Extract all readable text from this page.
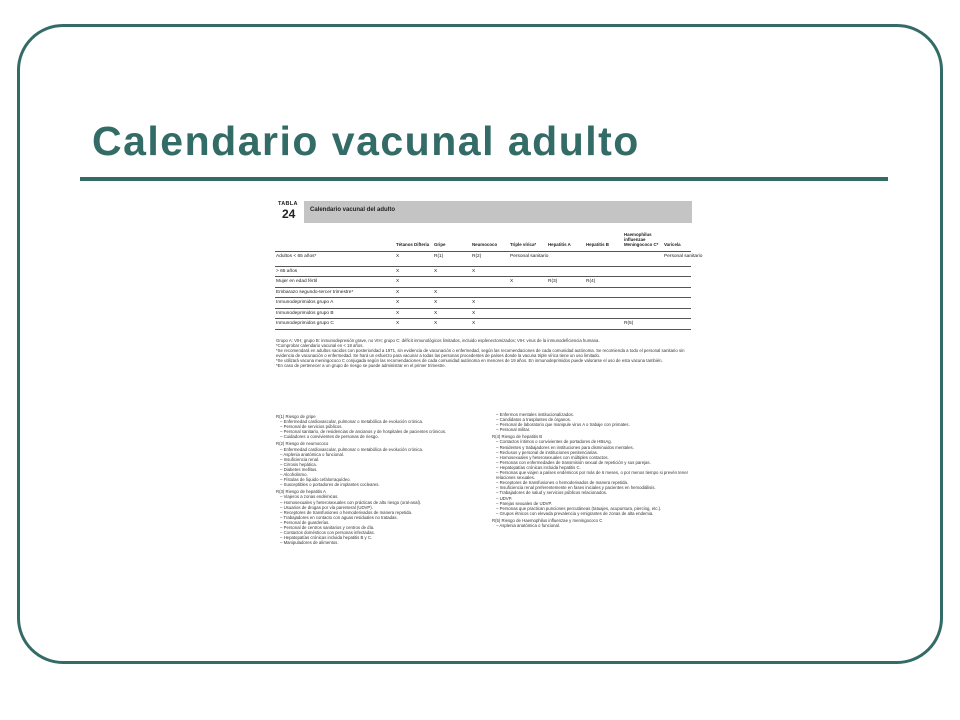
Calendario vacunal adulto
TABLA
24 Calendario vacunal del adulto
	Tétanos Difteria	Gripe	Neumococo	Triple vírica*	Hepatitis A	Hepatitis B	Haemophilus influenzae Meningococo C*	Varicela
Adultos < 65 años*	X	R(1)	R(2)	Personal sanitario				Personal sanitario
> 65 años	X	X	X					
Mujer en edad fértil	X			X	R(3)	R(4)		
Embarazo segundo-tercer trimestre*	X	X						
Inmunodeprimidos grupo A	X	X	X					
Inmunodeprimidos grupo B	X	X	X					
Inmunodeprimidos grupo C	X	X	X				R(5)	
Grupo A: VIH; grupo B: inmunodepresión grave, no VIH; grupo C: déficit inmunológicos limitados, incluido esplenectomizados; VIH: virus de la inmunodeficiencia humana.
*Comprobar calendario vacunal en < 18 años.
*Se recomendará en adultos nacidos con posterioridad a 1971, sin evidencia de vacunación o enfermedad, según las recomendaciones de cada comunidad autónoma. Se recomienda a todo el personal sanitario sin evidencia de vacunación o enfermedad. Se hará un esfuerzo para vacunar a todas las personas procedentes de países donde la vacuna triple vírica tiene un uso limitado.
*Se utilizará vacuna meningococo C conjugada según las recomendaciones de cada comunidad autónoma en menores de 19 años. En inmunodeprimidos puede valorarse el uso de esta vacuna también.
*En caso de pertenecer a un grupo de riesgo se puede administrar en el primer trimestre.
R(1) Riesgo de gripe
– Enfermedad cardiovascular, pulmonar o metabólica de evolución crónica.
– Personal de servicios públicos.
– Personal sanitario, de residencias de ancianos y de hospitales de pacientes crónicos.
– Cuidadores o convivientes de personas de riesgo.
R(2) Riesgo de neumococo
– Enfermedad cardiovascular, pulmonar o metabólica de evolución crónica.
– Asplenia anatómica o funcional.
– Insuficiencia renal.
– Cirrosis hepática.
– Diabetes mellitus.
– Alcoholismo.
– Fístulas de líquido cefalorraquídeo.
– Susceptibles o portadores de implantes cocleares.
R(3) Riesgo de hepatitis A
– Viajeros a zonas endémicas.
– Homosexuales y heterosexuales con prácticas de alto riesgo (oral-anal).
– Usuarios de drogas por vía parenteral (UDVP).
– Receptores de transfusiones o hemoderivados de manera repetida.
– Trabajadores en contacto con aguas residuales no tratadas.
– Personal de guarderías.
– Personal de centros sanitarios y centros de día.
– Contactos domésticos con personas infectadas.
– Hepatopatías crónicas incluida hepatitis B y C.
– Manipuladores de alimentos.
– Enfermos mentales institucionalizados.
– Candidatos a trasplantes de órganos.
– Personal de laboratorio que manipule virus A o trabaje con primates.
– Personal militar.
R(4) Riesgo de hepatitis B
– Contactos íntimos o convivientes de portadores de HBsAg.
– Residentes y trabajadores en instituciones para disminuidos mentales.
– Reclusos y personal de instituciones penitenciarias.
– Homosexuales y heterosexuales con múltiples contactos.
– Personas con enfermedades de transmisión sexual de repetición y sus parejas.
– Hepatopatías crónicas incluida hepatitis C.
– Personas que viajen a países endémicos por más de 6 meses, o por menos tiempo si prevén tener relaciones sexuales.
– Receptores de transfusiones o hemoderivados de manera repetida.
– Insuficiencia renal preferentemente en fases iniciales y pacientes en hemodiálisis.
– Trabajadores de salud y servicios públicos relacionados.
– UDVP.
– Parejas sexuales de UDVP.
– Personas que practican punciones percutáneas (tatuajes, acupuntura, piercing, etc.).
– Grupos étnicos con elevada prevalencia y emigrantes de zonas de alta endemia.
R(5) Riesgo de Haemophilus influenzae y meningococo C
– Asplenia anatómica o funcional.
